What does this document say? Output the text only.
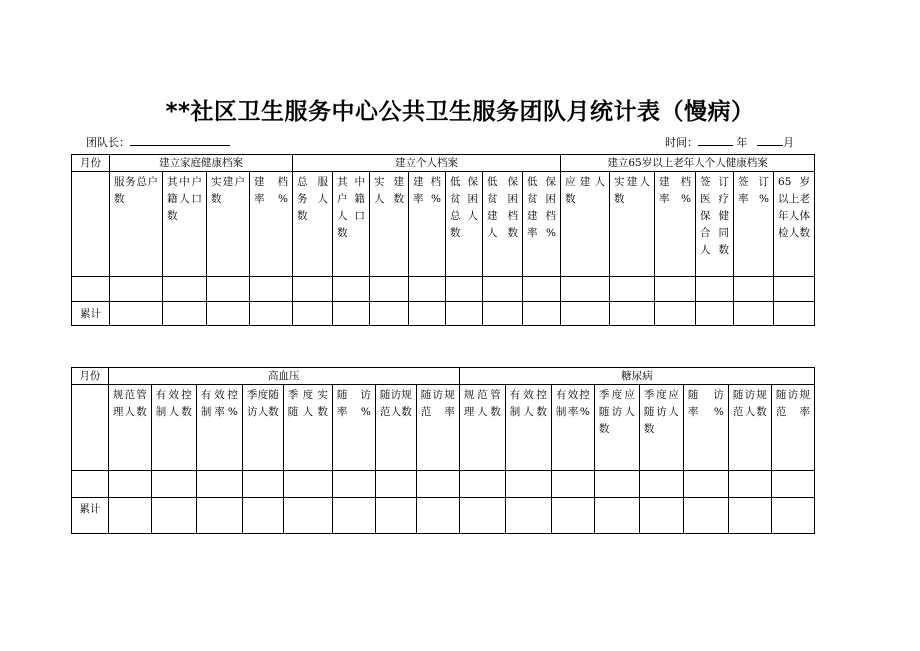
**社区卫生服务中心公共卫生服务团队月统计表（慢病）
团队长：	时间：	年	月
月份	建立家庭健康档案				建立个人档案							建立65岁以上老年人个人健康档案					
	服务总户数	其中户籍人口数	实建户数	建档率%	总服务人数	其中户籍人口数	实建人数	建档率%	低保贫困总人数	低保贫困建档人数	低保贫困建档率%	应建人数	实建人数	建档率%	签订医疗保健合同人数	签订率%	65岁以上老年人体检人数

累计																	
月份	高血压								糖尿病							
	规范管理人数	有效控制人数	有效控制率%	季度随访人数	季度实随人数	随访率%	随访规范人数	随访规范率	规范管理人数	有效控制人数	有效控制率%	季度应随访人数	季度应随访人数	随访率%	随访规范人数	随访规范率

累计																
